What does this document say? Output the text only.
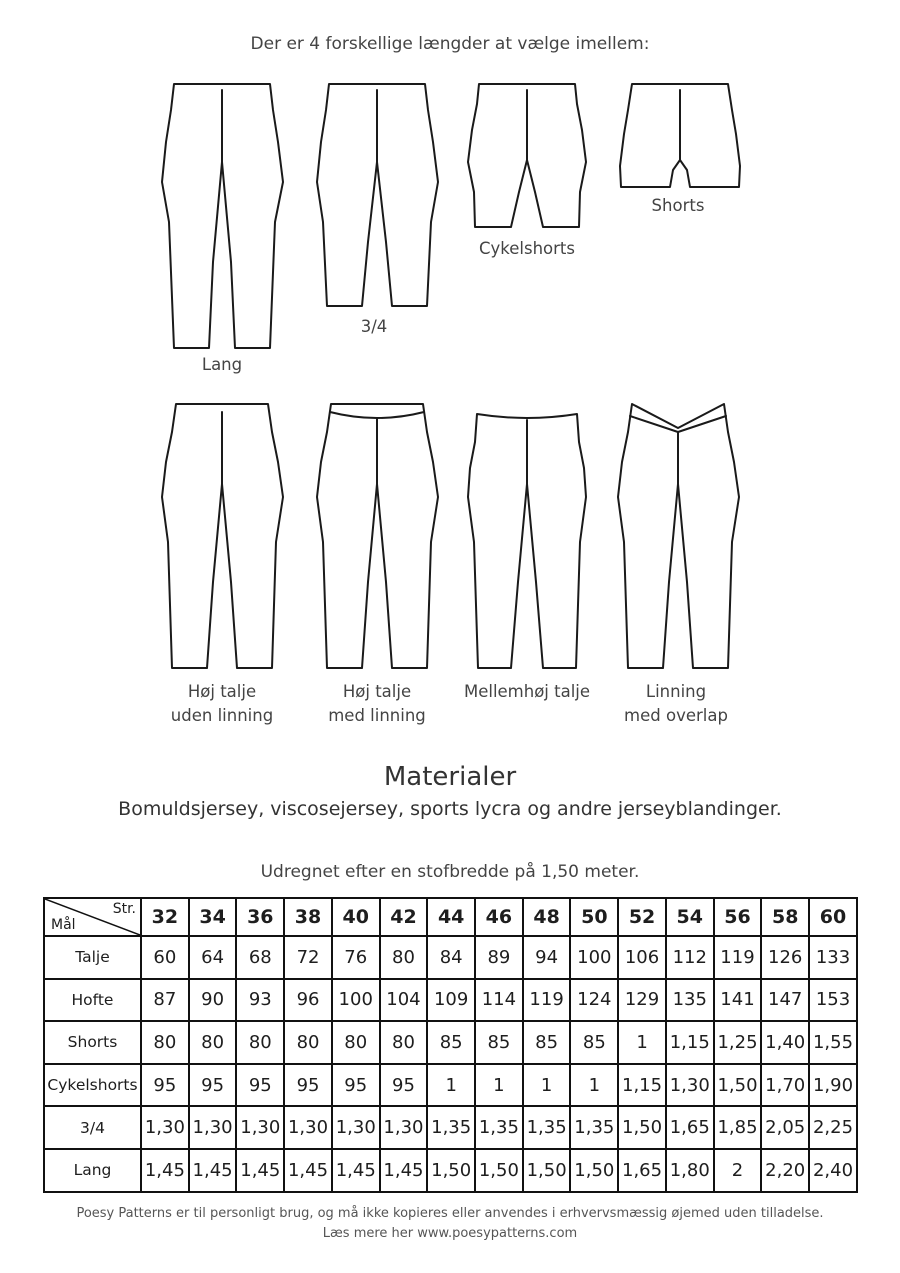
Der er 4 forskellige længder at vælge imellem:
Lang
3/4
Cykelshorts
Shorts
Høj talje
uden linning
Høj talje
med linning
Mellemhøj talje	Linning
med overlap
Materialer
Bomuldsjersey, viscosejersey, sports lycra og andre jerseyblandinger.
Udregnet efter en stofbredde på 1,50 meter.
Str.
Mål	32	34	36	38	40	42	44	46	48	50	52	54	56	58	60
Talje	60	64	68	72	76	80	84	89	94	100	106	112	119	126	133
Hofte	87	90	93	96	100	104	109	114	119	124	129	135	141	147	153
Shorts	80	80	80	80	80	80	85	85	85	85	1	1,15	1,25	1,40	1,55
Cykelshorts	95	95	95	95	95	95	1	1	1	1	1,15	1,30	1,50	1,70	1,90
3/4	1,30	1,30	1,30	1,30	1,30	1,30	1,35	1,35	1,35	1,35	1,50	1,65	1,85	2,05	2,25
Lang	1,45	1,45	1,45	1,45	1,45	1,45	1,50	1,50	1,50	1,50	1,65	1,80	2	2,20	2,40
Poesy Patterns er til personligt brug, og må ikke kopieres eller anvendes i erhvervsmæssig øjemed uden tilladelse.
Læs mere her www.poesypatterns.com
